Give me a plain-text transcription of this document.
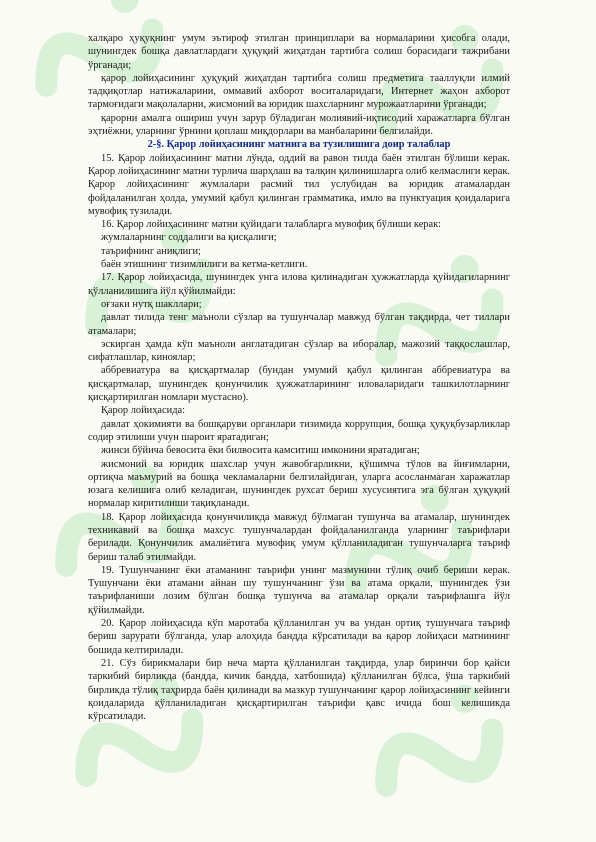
халқаро ҳуқуқнинг умум эътироф этилган принциплари ва нормаларини ҳисобга олади, шунингдек бошқа давлатлардаги ҳуқуқий жиҳатдан тартибга солиш борасидаги тажрибани ўрганади;

қарор лойиҳасининг ҳуқуқий жиҳатдан тартибга солиш предметига тааллуқли илмий тадқиқотлар натижаларини, оммавий ахборот воситаларидаги, Интернет жаҳон ахборот тармоғидаги мақолаларни, жисмоний ва юридик шахсларнинг мурожаатларини ўрганади;

қарорни амалга ошириш учун зарур бўладиган молиявий-иқтисодий харажатларга бўлган эҳтиёжни, уларнинг ўрнини қоплаш миқдорлари ва манбаларини белгилайди.

2-§. Қарор лойиҳасининг матнига ва тузилишига доир талаблар

15. Қарор лойиҳасининг матни лўнда, оддий ва равон тилда баён этилган бўлиши керак. Қарор лойиҳасининг матни турлича шарҳлаш ва талқин қилинишларга олиб келмаслиги керак. Қарор лойиҳасининг жумлалари расмий тил услубидан ва юридик атамалардан фойдаланилган ҳолда, умумий қабул қилинган грамматика, имло ва пунктуация қоидаларига мувофиқ тузилади.

16. Қарор лойиҳасининг матни қуйидаги талабларга мувофиқ бўлиши керак:

жумлаларнинг соддалиги ва қисқалиги;

таърифнинг аниқлиги;

баён этишнинг тизимлилиги ва кетма-кетлиги.

17. Қарор лойиҳасида, шунингдек унга илова қилинадиган ҳужжатларда қуйидагиларнинг қўлланилишига йўл қўйилмайди:

оғзаки нутқ шакллари;

давлат тилида тенг маъноли сўзлар ва тушунчалар мавжуд бўлган тақдирда, чет тиллари атамалари;

эскирган ҳамда кўп маъноли англатадиган сўзлар ва иборалар, мажозий таққослашлар, сифатлашлар, киноялар;

аббревиатура ва қисқартмалар (бундан умумий қабул қилинган аббревиатура ва қисқартмалар, шунингдек қонунчилик ҳужжатларининг иловаларидаги ташкилотларнинг қисқартирилган номлари мустасно).

Қарор лойиҳасида:

давлат ҳокимияти ва бошқаруви органлари тизимида коррупция, бошқа ҳуқуқбузарликлар содир этилиши учун шароит яратадиган;

жинси бўйича бевосита ёки билвосита камситиш имконини яратадиган;

жисмоний ва юридик шахслар учун жавобгарликни, қўшимча тўлов ва йиғимларни, ортиқча маъмурий ва бошқа чекламаларни белгилайдиган, уларга асосланмаган харажатлар юзага келишига олиб келадиган, шунингдек рухсат бериш хусусиятига эга бўлган ҳуқуқий нормалар киритилиши тақиқланади.

18. Қарор лойиҳасида қонунчиликда мавжуд бўлмаган тушунча ва атамалар, шунингдек техникавий ва бошқа махсус тушунчалардан фойдаланилганда уларнинг таърифлари берилади. Қонунчилик амалиётига мувофиқ умум қўлланиладиган тушунчаларга таъриф бериш талаб этилмайди.

19. Тушунчанинг ёки атаманинг таърифи унинг мазмунини тўлиқ очиб бериши керак. Тушунчани ёки атамани айнан шу тушунчанинг ўзи ва атама орқали, шунингдек ўзи таърифланиши лозим бўлган бошқа тушунча ва атамалар орқали таърифлашга йўл қўйилмайди.

20. Қарор лойиҳасида кўп маротаба қўлланилган уч ва ундан ортиқ тушунчага таъриф бериш зарурати бўлганда, улар алоҳида бандда кўрсатилади ва қарор лойиҳаси матнининг бошида келтирилади.

21. Сўз бирикмалари бир неча марта қўлланилган тақдирда, улар биринчи бор қайси таркибий бирликда (бандда, кичик бандда, хатбошида) қўлланилган бўлса, ўша таркибий бирликда тўлиқ таҳрирда баён қилинади ва мазкур тушунчанинг қарор лойиҳасининг кейинги қоидаларида қўлланиладиган қисқартирилган таърифи қавс ичида бош келишикда кўрсатилади.
